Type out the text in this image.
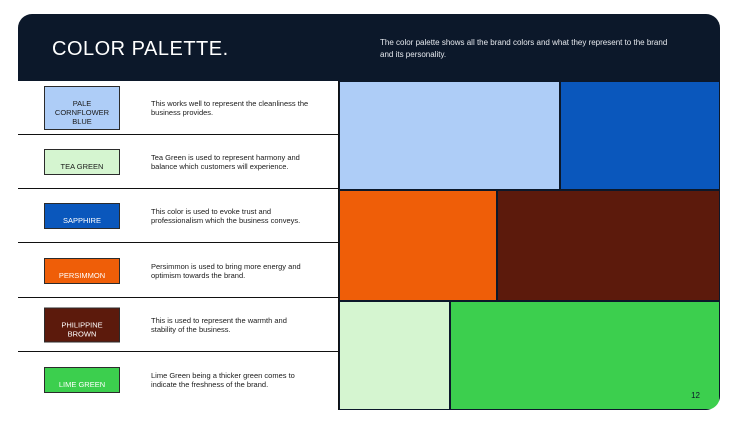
COLOR PALETTE.	The color palette shows all the brand colors and what they represent to the brand and its personality.

PALE
CORNFLOWER
BLUE

This works well to represent the cleanliness the business provides.

TEA GREEN

Tea Green is used to represent harmony and balance which customers will experience.

SAPPHIRE

This color is used to evoke trust and professionalism which the business conveys.

PERSIMMON

Persimmon is used to bring more energy and optimism towards the brand.

PHILIPPINE
BROWN

This is used to represent the warmth and stability of the business.

LIME GREEN

Lime Green being a thicker green comes to indicate the freshness of the brand.
12
